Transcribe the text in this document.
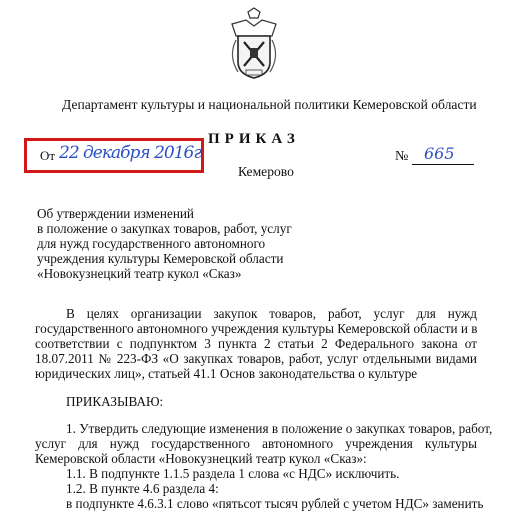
Департамент культуры и национальной политики Кемеровской области
ПРИКАЗ
От 22 декабря 2016г
Кемерово
№ 665
Об утверждении изменений
в положение о закупках товаров, работ, услуг
для нужд государственного автономного
учреждения культуры Кемеровской области
«Новокузнецкий театр кукол «Сказ»
В целях организации закупок товаров, работ, услуг для нужд
государственного автономного учреждения культуры Кемеровской области и в
соответствии с подпунктом 3 пункта 2 статьи 2 Федерального закона от
18.07.2011 № 223-ФЗ «О закупках товаров, работ, услуг отдельными видами
юридических лиц», статьей 41.1 Основ законодательства о культуре
ПРИКАЗЫВАЮ:
1. Утвердить следующие изменения в положение о закупках товаров, работ,
услуг для нужд государственного автономного учреждения культуры
Кемеровской области «Новокузнецкий театр кукол «Сказ»:
1.1. В подпункте 1.1.5 раздела 1 слова «с НДС» исключить.
1.2. В пункте 4.6 раздела 4:
в подпункте 4.6.3.1 слово «пятьсот тысяч рублей с учетом НДС» заменить
